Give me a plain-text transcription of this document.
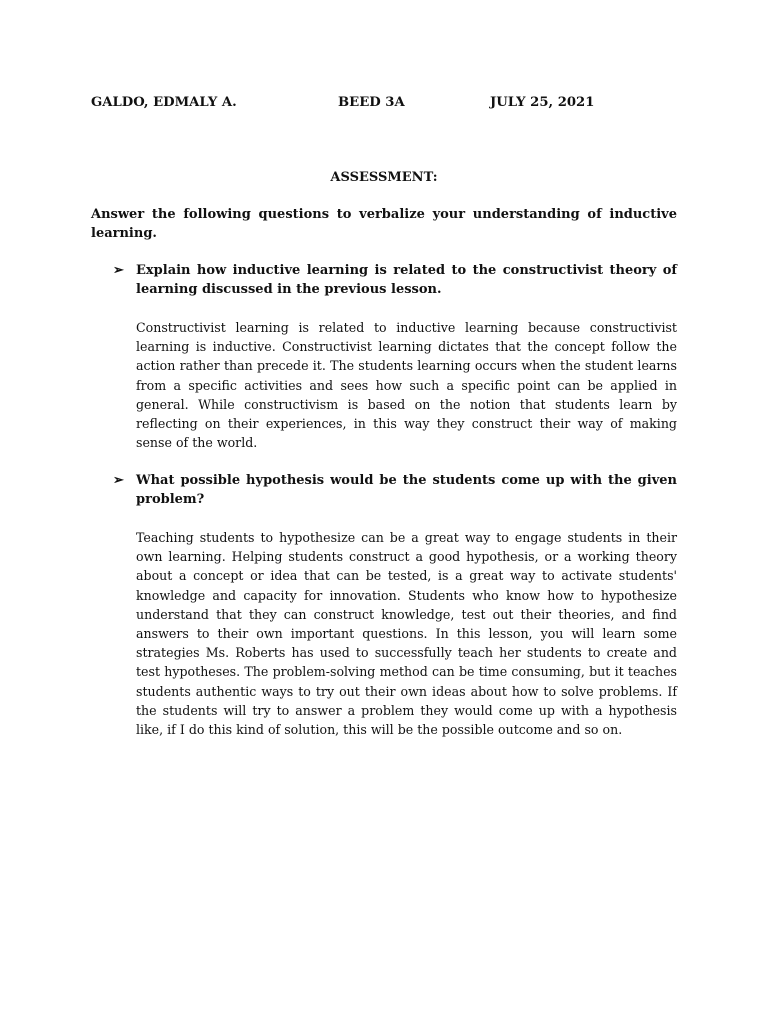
GALDO, EDMALY A.	BEED 3A	JULY 25, 2021
ASSESSMENT:
Answer the following questions to verbalize your understanding of inductive learning.
➢ Explain how inductive learning is related to the constructivist theory of learning discussed in the previous lesson.
Constructivist learning is related to inductive learning because constructivist learning is inductive. Constructivist learning dictates that the concept follow the action rather than precede it. The students learning occurs when the student learns from a specific activities and sees how such a specific point can be applied in general. While constructivism is based on the notion that students learn by reflecting on their experiences, in this way they construct their way of making sense of the world.
➢ What possible hypothesis would be the students come up with the given problem?
Teaching students to hypothesize can be a great way to engage students in their own learning. Helping students construct a good hypothesis, or a working theory about a concept or idea that can be tested, is a great way to activate students' knowledge and capacity for innovation. Students who know how to hypothesize understand that they can construct knowledge, test out their theories, and find answers to their own important questions. In this lesson, you will learn some strategies Ms. Roberts has used to successfully teach her students to create and test hypotheses. The problem-solving method can be time consuming, but it teaches students authentic ways to try out their own ideas about how to solve problems. If the students will try to answer a problem they would come up with a hypothesis like, if I do this kind of solution, this will be the possible outcome and so on.
